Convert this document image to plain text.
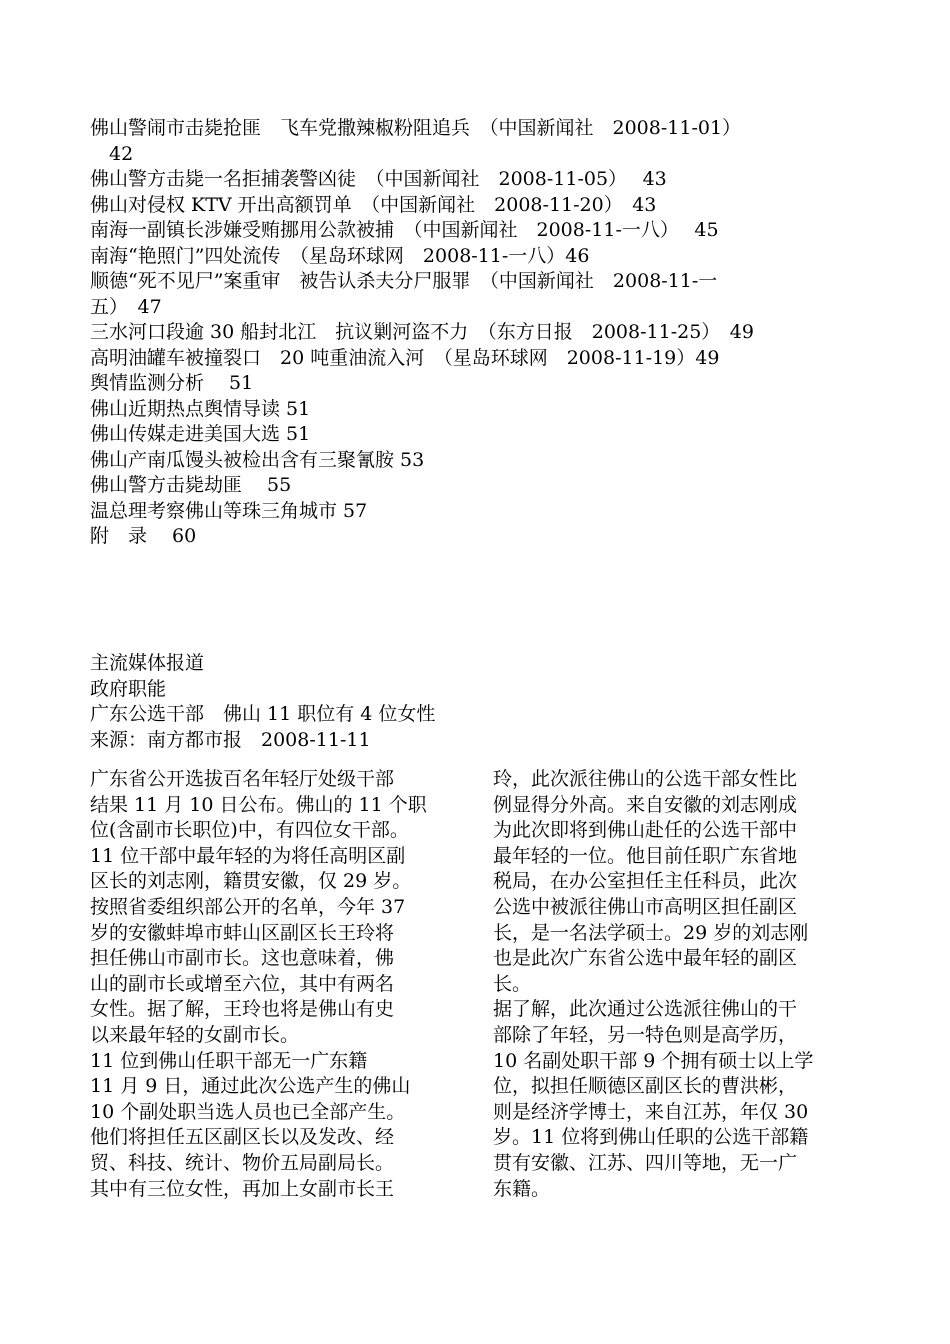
佛山警闹市击毙抢匪　飞车党撒辣椒粉阻追兵　（中国新闻社　2008-11-01）
　42
佛山警方击毙一名拒捕袭警凶徒　（中国新闻社　2008-11-05）　 43
佛山对侵权 KTV 开出高额罚单　（中国新闻社　2008-11-20）　43
南海一副镇长涉嫌受贿挪用公款被捕　（中国新闻社　2008-11-一八）　 45
南海“艳照门”四处流传　（星岛环球网　2008-11-一八）46
顺德“死不见尸”案重审　被告认杀夫分尸服罪　（中国新闻社　2008-11-一
五）　47
三水河口段逾 30 船封北江　抗议剿河盗不力　（东方日报　2008-11-25）　49
高明油罐车被撞裂口　20 吨重油流入河　（星岛环球网　2008-11-19）49
舆情监测分析　 51
佛山近期热点舆情导读 51
佛山传媒走进美国大选 51
佛山产南瓜馒头被检出含有三聚氰胺 53
佛山警方击毙劫匪　 55
温总理考察佛山等珠三角城市 57
附　录　 60
主流媒体报道
政府职能
广东公选干部　佛山 11 职位有 4 位女性
来源：南方都市报　2008-11-11
广东省公开选拔百名年轻厅处级干部
结果 11 月 10 日公布。佛山的 11 个职
位(含副市长职位)中，有四位女干部。
11 位干部中最年轻的为将任高明区副
区长的刘志刚，籍贯安徽，仅 29 岁。
按照省委组织部公开的名单，今年 37
岁的安徽蚌埠市蚌山区副区长王玲将
担任佛山市副市长。这也意味着，佛
山的副市长或增至六位，其中有两名
女性。据了解，王玲也将是佛山有史
以来最年轻的女副市长。
11 位到佛山任职干部无一广东籍
11 月 9 日，通过此次公选产生的佛山
10 个副处职当选人员也已全部产生。
他们将担任五区副区长以及发改、经
贸、科技、统计、物价五局副局长。
其中有三位女性，再加上女副市长王
玲，此次派往佛山的公选干部女性比
例显得分外高。来自安徽的刘志刚成
为此次即将到佛山赴任的公选干部中
最年轻的一位。他目前任职广东省地
税局，在办公室担任主任科员，此次
公选中被派往佛山市高明区担任副区
长，是一名法学硕士。29 岁的刘志刚
也是此次广东省公选中最年轻的副区
长。
据了解，此次通过公选派往佛山的干
部除了年轻，另一特色则是高学历，
10 名副处职干部 9 个拥有硕士以上学
位，拟担任顺德区副区长的曹洪彬，
则是经济学博士，来自江苏，年仅 30
岁。11 位将到佛山任职的公选干部籍
贯有安徽、江苏、四川等地，无一广
东籍。
